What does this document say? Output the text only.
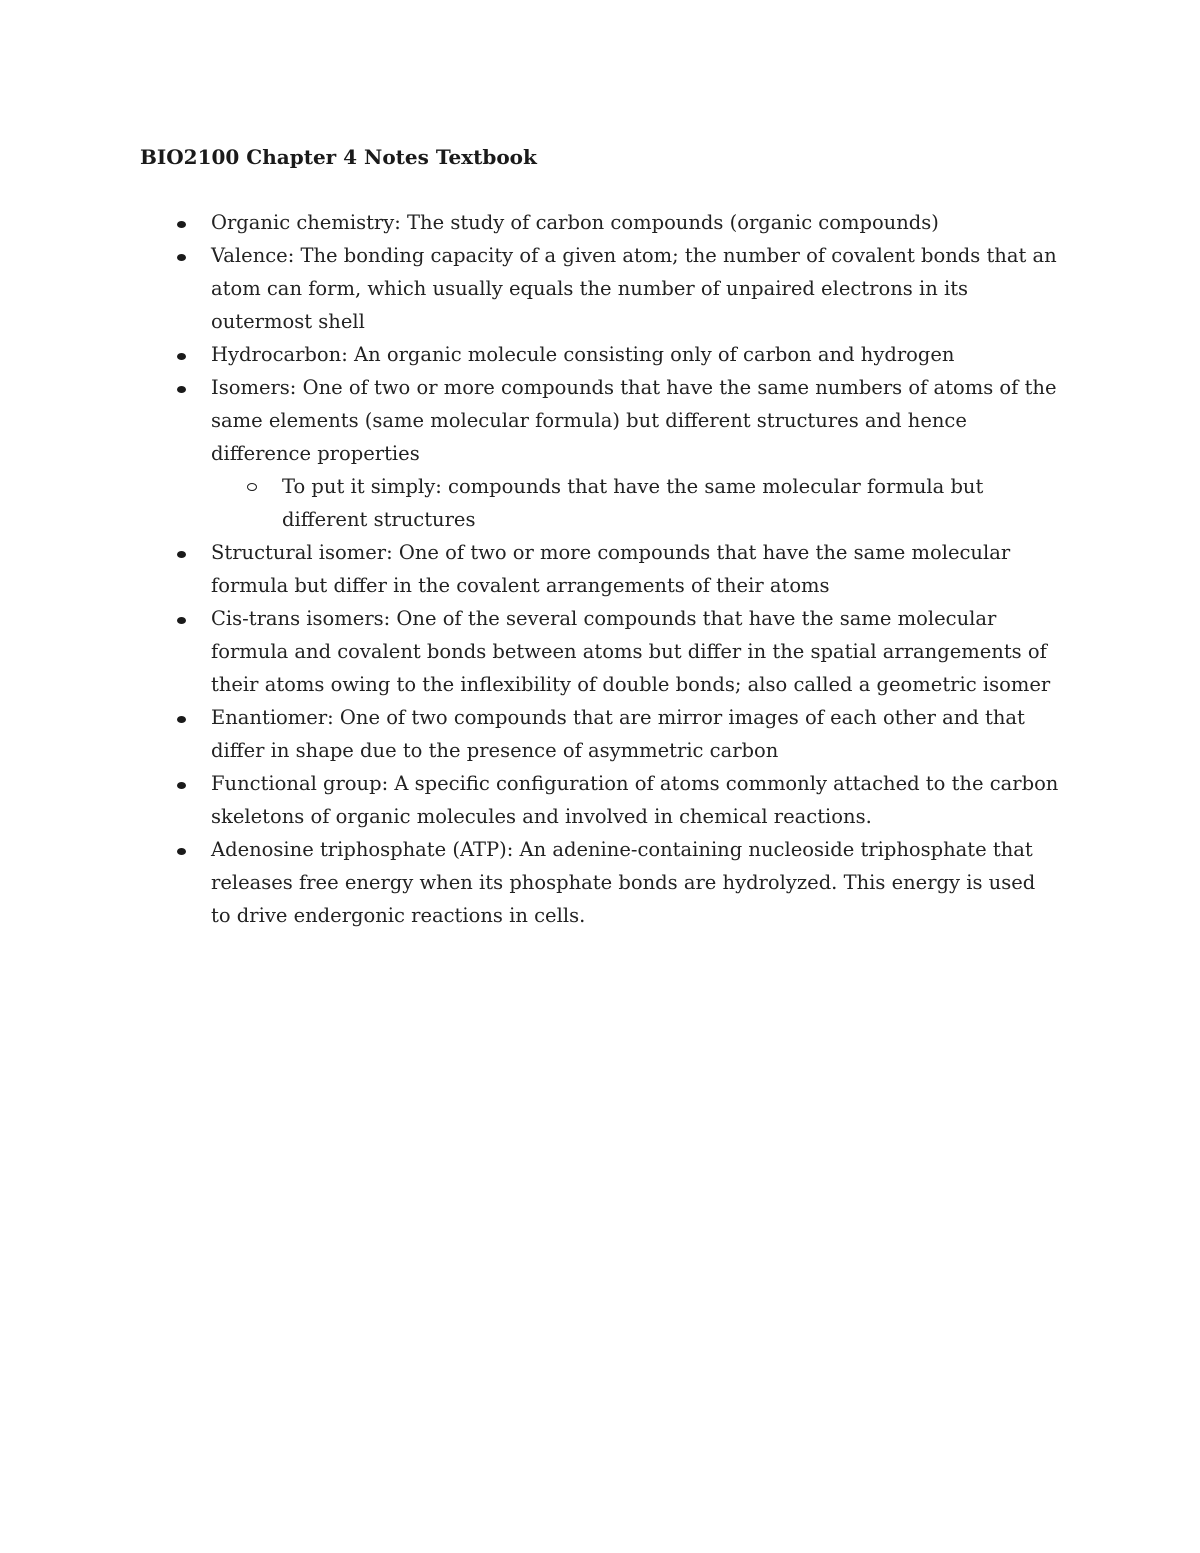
BIO2100 Chapter 4 Notes Textbook
Organic chemistry: The study of carbon compounds (organic compounds)
Valence: The bonding capacity of a given atom; the number of covalent bonds that an atom can form, which usually equals the number of unpaired electrons in its outermost shell
Hydrocarbon: An organic molecule consisting only of carbon and hydrogen
Isomers: One of two or more compounds that have the same numbers of atoms of the same elements (same molecular formula) but different structures and hence difference properties
To put it simply: compounds that have the same molecular formula but different structures
Structural isomer: One of two or more compounds that have the same molecular formula but differ in the covalent arrangements of their atoms
Cis-trans isomers: One of the several compounds that have the same molecular formula and covalent bonds between atoms but differ in the spatial arrangements of their atoms owing to the inflexibility of double bonds; also called a geometric isomer
Enantiomer: One of two compounds that are mirror images of each other and that differ in shape due to the presence of asymmetric carbon
Functional group: A specific configuration of atoms commonly attached to the carbon skeletons of organic molecules and involved in chemical reactions.
Adenosine triphosphate (ATP): An adenine-containing nucleoside triphosphate that releases free energy when its phosphate bonds are hydrolyzed. This energy is used to drive endergonic reactions in cells.
